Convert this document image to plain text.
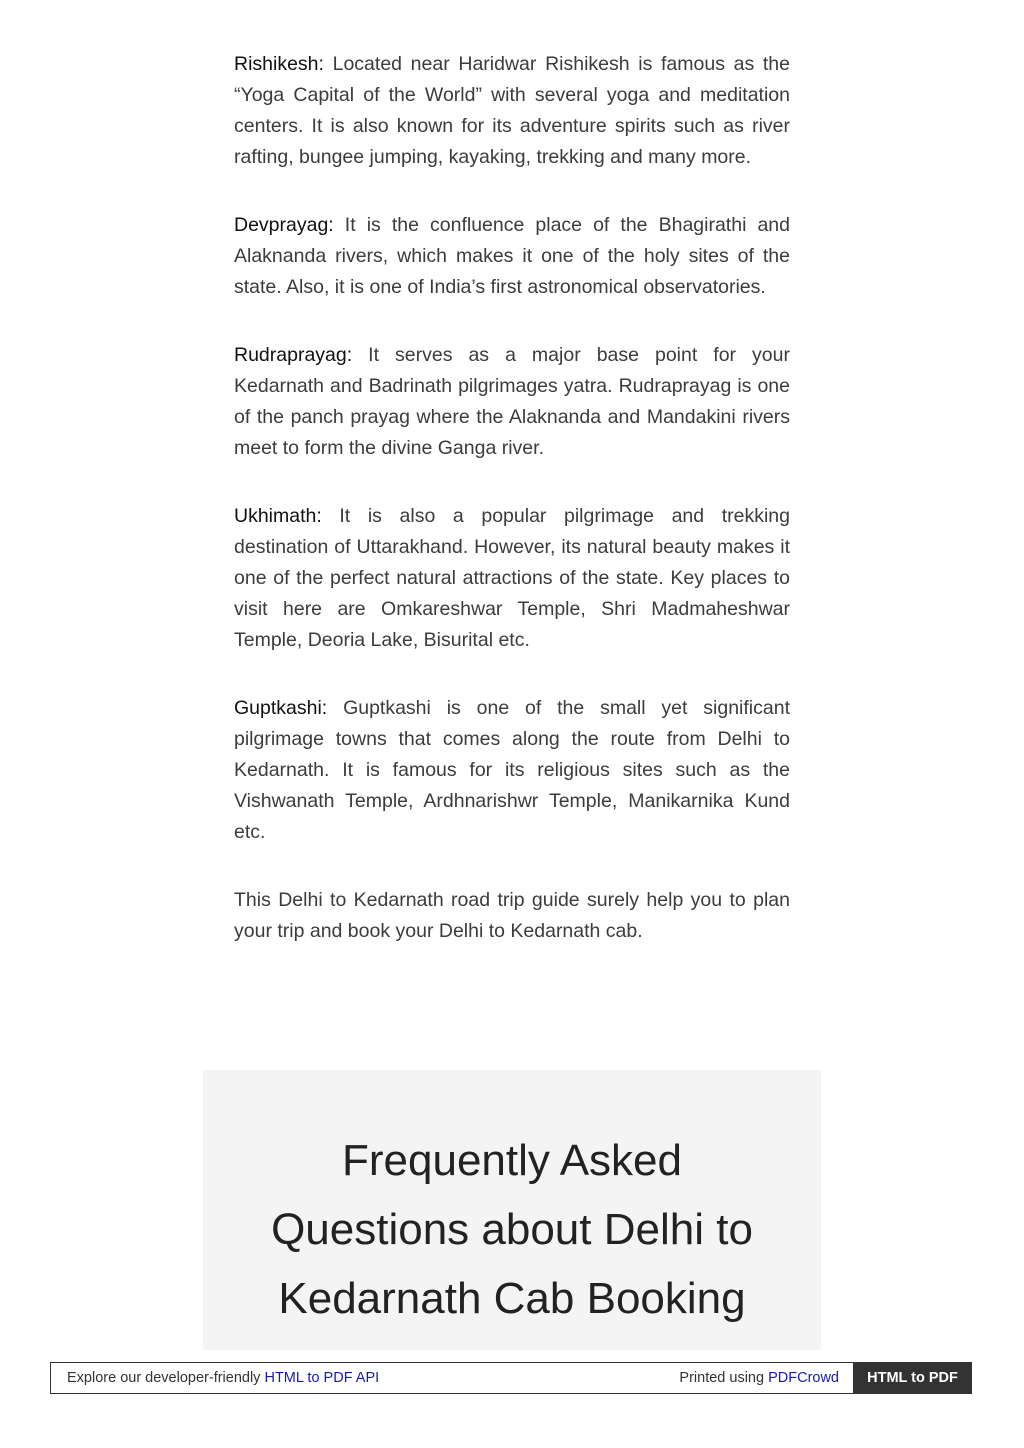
Rishikesh: Located near Haridwar Rishikesh is famous as the “Yoga Capital of the World” with several yoga and meditation centers. It is also known for its adventure spirits such as river rafting, bungee jumping, kayaking, trekking and many more.

Devprayag: It is the confluence place of the Bhagirathi and Alaknanda rivers, which makes it one of the holy sites of the state. Also, it is one of India’s first astronomical observatories.

Rudraprayag: It serves as a major base point for your Kedarnath and Badrinath pilgrimages yatra. Rudraprayag is one of the panch prayag where the Alaknanda and Mandakini rivers meet to form the divine Ganga river.

Ukhimath: It is also a popular pilgrimage and trekking destination of Uttarakhand. However, its natural beauty makes it one of the perfect natural attractions of the state. Key places to visit here are Omkareshwar Temple, Shri Madmaheshwar Temple, Deoria Lake, Bisurital etc.

Guptkashi: Guptkashi is one of the small yet significant pilgrimage towns that comes along the route from Delhi to Kedarnath. It is famous for its religious sites such as the Vishwanath Temple, Ardhnarishwr Temple, Manikarnika Kund etc.

This Delhi to Kedarnath road trip guide surely help you to plan your trip and book your Delhi to Kedarnath cab.

Frequently Asked
Questions about Delhi to
Kedarnath Cab Booking
Explore our developer-friendly HTML to PDF API	Printed using PDFCrowd	HTML to PDF
